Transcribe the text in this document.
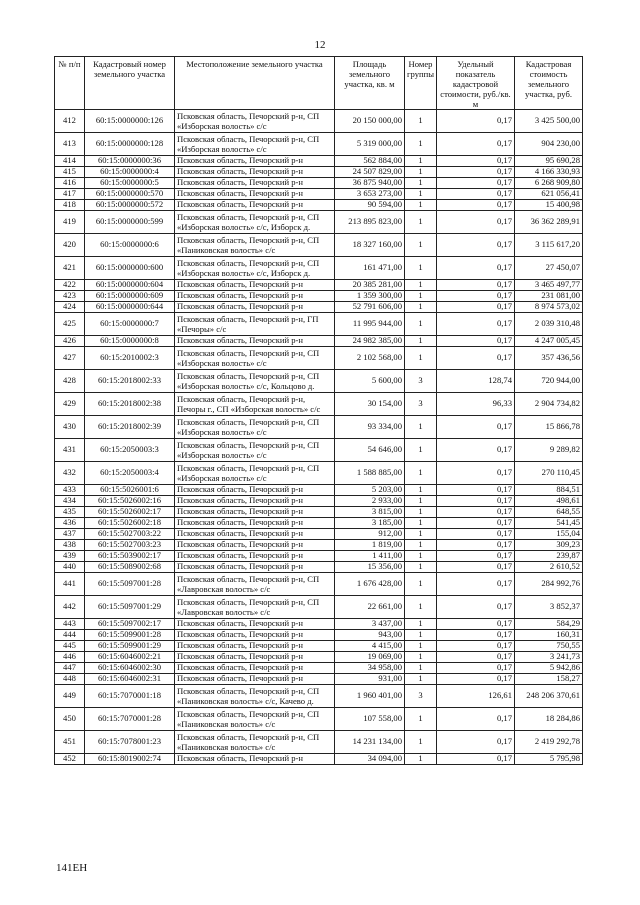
12
№ п/п	Кадастровый номер земельного участка	Местоположение земельного участка	Площадь земельного участка, кв. м	Номер группы	Удельный показатель кадастровой стоимости, руб./кв. м	Кадастровая стоимость земельного участка, руб.
412	60:15:0000000:126	Псковская область, Печорский р-н, СП «Изборская волость» с/с	20 150 000,00	1	0,17	3 425 500,00
413	60:15:0000000:128	Псковская область, Печорский р-н, СП «Изборская волость» с/с	5 319 000,00	1	0,17	904 230,00
414	60:15:0000000:36	Псковская область, Печорский р-н	562 884,00	1	0,17	95 690,28
415	60:15:0000000:4	Псковская область, Печорский р-н	24 507 829,00	1	0,17	4 166 330,93
416	60:15:0000000:5	Псковская область, Печорский р-н	36 875 940,00	1	0,17	6 268 909,80
417	60:15:0000000:570	Псковская область, Печорский р-н	3 653 273,00	1	0,17	621 056,41
418	60:15:0000000:572	Псковская область, Печорский р-н	90 594,00	1	0,17	15 400,98
419	60:15:0000000:599	Псковская область, Печорский р-н, СП «Изборская волость» с/с, Изборск д.	213 895 823,00	1	0,17	36 362 289,91
420	60:15:0000000:6	Псковская область, Печорский р-н, СП «Паниковская волость» с/с	18 327 160,00	1	0,17	3 115 617,20
421	60:15:0000000:600	Псковская область, Печорский р-н, СП «Изборская волость» с/с, Изборск д.	161 471,00	1	0,17	27 450,07
422	60:15:0000000:604	Псковская область, Печорский р-н	20 385 281,00	1	0,17	3 465 497,77
423	60:15:0000000:609	Псковская область, Печорский р-н	1 359 300,00	1	0,17	231 081,00
424	60:15:0000000:644	Псковская область, Печорский р-н	52 791 606,00	1	0,17	8 974 573,02
425	60:15:0000000:7	Псковская область, Печорский р-н, ГП «Печоры» с/с	11 995 944,00	1	0,17	2 039 310,48
426	60:15:0000000:8	Псковская область, Печорский р-н	24 982 385,00	1	0,17	4 247 005,45
427	60:15:2010002:3	Псковская область, Печорский р-н, СП «Изборская волость» с/с	2 102 568,00	1	0,17	357 436,56
428	60:15:2018002:33	Псковская область, Печорский р-н, СП «Изборская волость» с/с, Кольцово д.	5 600,00	3	128,74	720 944,00
429	60:15:2018002:38	Псковская область, Печорский р-н, Печоры г., СП «Изборская волость» с/с	30 154,00	3	96,33	2 904 734,82
430	60:15:2018002:39	Псковская область, Печорский р-н, СП «Изборская волость» с/с	93 334,00	1	0,17	15 866,78
431	60:15:2050003:3	Псковская область, Печорский р-н, СП «Изборская волость» с/с	54 646,00	1	0,17	9 289,82
432	60:15:2050003:4	Псковская область, Печорский р-н, СП «Изборская волость» с/с	1 588 885,00	1	0,17	270 110,45
433	60:15:5026001:6	Псковская область, Печорский р-н	5 203,00	1	0,17	884,51
434	60:15:5026002:16	Псковская область, Печорский р-н	2 933,00	1	0,17	498,61
435	60:15:5026002:17	Псковская область, Печорский р-н	3 815,00	1	0,17	648,55
436	60:15:5026002:18	Псковская область, Печорский р-н	3 185,00	1	0,17	541,45
437	60:15:5027003:22	Псковская область, Печорский р-н	912,00	1	0,17	155,04
438	60:15:5027003:23	Псковская область, Печорский р-н	1 819,00	1	0,17	309,23
439	60:15:5039002:17	Псковская область, Печорский р-н	1 411,00	1	0,17	239,87
440	60:15:5089002:68	Псковская область, Печорский р-н	15 356,00	1	0,17	2 610,52
441	60:15:5097001:28	Псковская область, Печорский р-н, СП «Лавровская волость» с/с	1 676 428,00	1	0,17	284 992,76
442	60:15:5097001:29	Псковская область, Печорский р-н, СП «Лавровская волость» с/с	22 661,00	1	0,17	3 852,37
443	60:15:5097002:17	Псковская область, Печорский р-н	3 437,00	1	0,17	584,29
444	60:15:5099001:28	Псковская область, Печорский р-н	943,00	1	0,17	160,31
445	60:15:5099001:29	Псковская область, Печорский р-н	4 415,00	1	0,17	750,55
446	60:15:6046002:21	Псковская область, Печорский р-н	19 069,00	1	0,17	3 241,73
447	60:15:6046002:30	Псковская область, Печорский р-н	34 958,00	1	0,17	5 942,86
448	60:15:6046002:31	Псковская область, Печорский р-н	931,00	1	0,17	158,27
449	60:15:7070001:18	Псковская область, Печорский р-н, СП «Паниковская волость» с/с, Качево д.	1 960 401,00	3	126,61	248 206 370,61
450	60:15:7070001:28	Псковская область, Печорский р-н, СП «Паниковская волость» с/с	107 558,00	1	0,17	18 284,86
451	60:15:7078001:23	Псковская область, Печорский р-н, СП «Паниковская волость» с/с	14 231 134,00	1	0,17	2 419 292,78
452	60:15:8019002:74	Псковская область, Печорский р-н	34 094,00	1	0,17	5 795,98
141ЕН
